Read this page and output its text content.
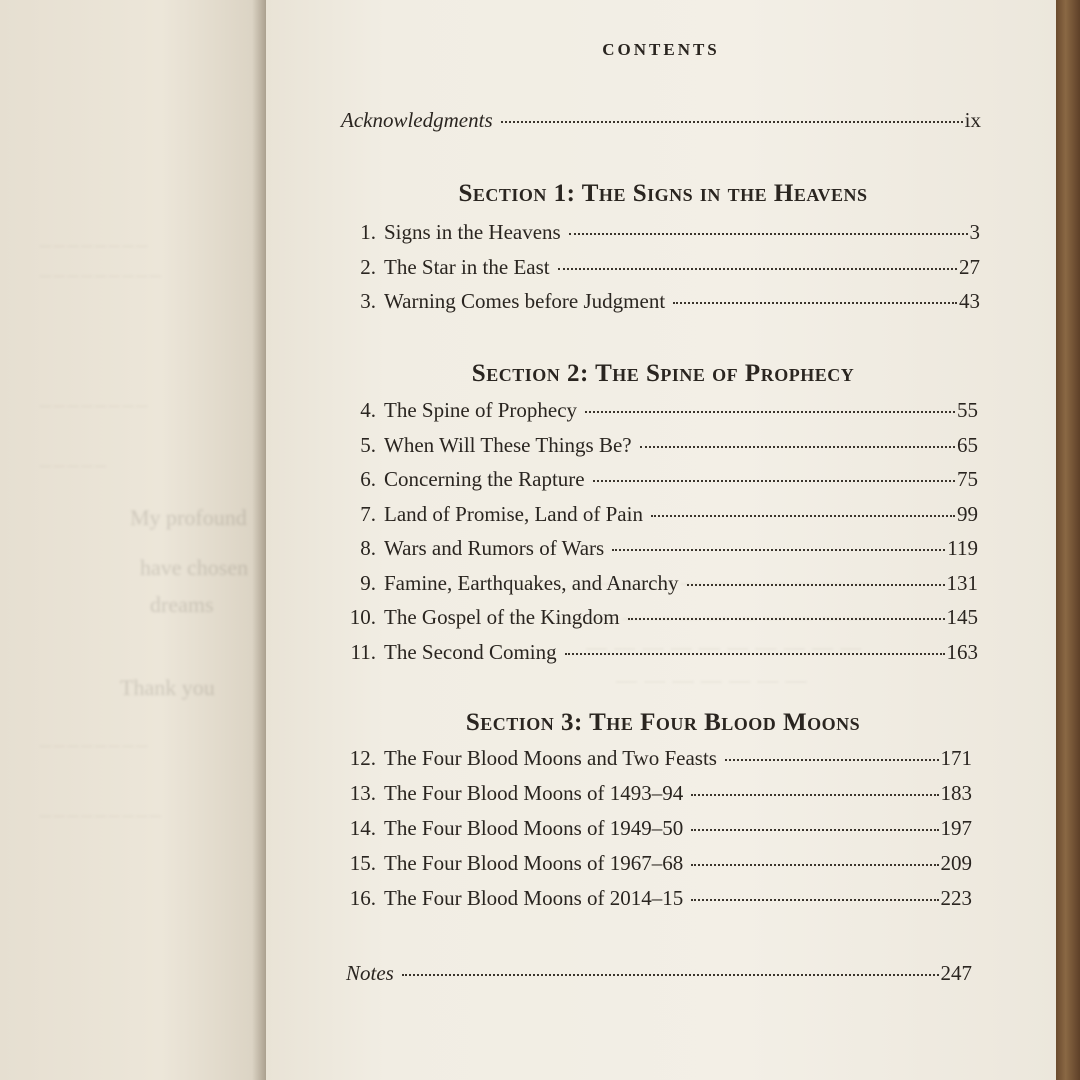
My profound
have chosen
dreams
Thank you
— — — — — — — —
— — — — — — — — —
— — — — — — — —
— — — — —
— — — — — — — —
— — — — — — — — —
— — — — — — — — — —
— — — — — — — — — — —
— — — — — — — — — —
— — — — — — —
CONTENTS
Acknowledgments	ix
Section 1: The Signs in the Heavens
1. Signs in the Heavens	3
2. The Star in the East	27
3. Warning Comes before Judgment	43
Section 2: The Spine of Prophecy
4. The Spine of Prophecy	55
5. When Will These Things Be?	65
6. Concerning the Rapture	75
7. Land of Promise, Land of Pain	99
8. Wars and Rumors of Wars	119
9. Famine, Earthquakes, and Anarchy	131
10. The Gospel of the Kingdom	145
11. The Second Coming	163
Section 3: The Four Blood Moons
12. The Four Blood Moons and Two Feasts	171
13. The Four Blood Moons of 1493–94	183
14. The Four Blood Moons of 1949–50	197
15. The Four Blood Moons of 1967–68	209
16. The Four Blood Moons of 2014–15	223
Notes	247
